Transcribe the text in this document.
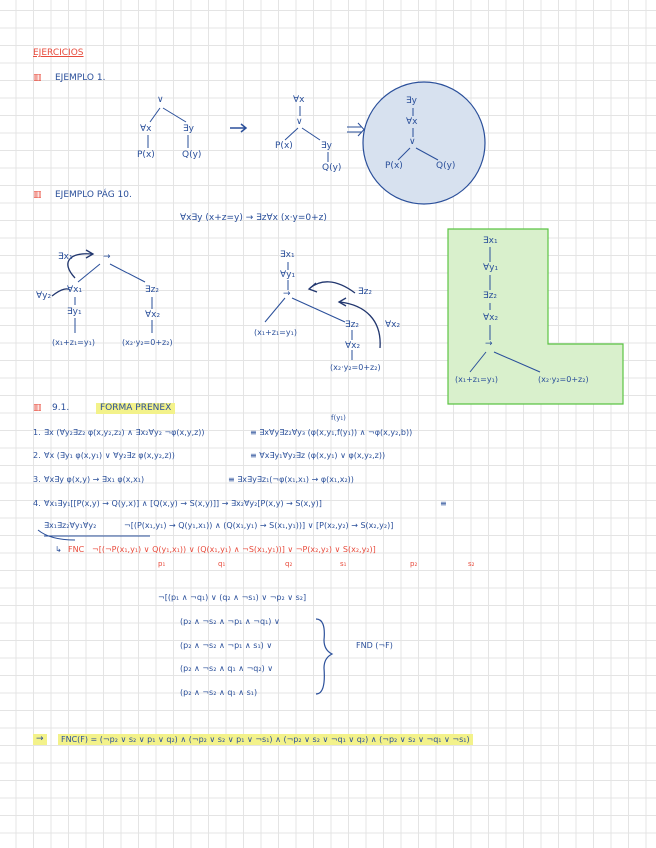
EJERCICIOS
▥ EJEMPLO 1.
∨
∀x	∃y
P(x)	Q(y)
∀x
∨
P(x)	∃y
Q(y)
∃y
∀x
∨
P(x)	Q(y)
▥ EJEMPLO PÁG 10.
∀x∃y (x+z=y) → ∃z∀x (x·y=0+z)
∃x₁	→
∀y₂
∀x₁
∃y₁
∃z₂
∀x₂
(x₁+z₁=y₁)	(x₂·y₂=0+z₂)
∃x₁
∀y₁
→	∃z₂
∀x₂
∃z₂
∀x₂
(x₁+z₁=y₁)
(x₂·y₂=0+z₂)
∃x₁
∀y₁
∃z₂
∀x₂
→
(x₁+z₁=y₁)	(x₂·y₂=0+z₂)
▥ 9.1.	FORMA PRENEX
1. ∃x (∀y₂∃z₂ φ(x,y₂,z₂) ∧ ∃x₂∀y₂ ¬φ(x,y,z))	≡ ∃x∀y∃z₂∀y₃ (φ(x,y₁,f(y₁)) ∧ ¬φ(x,y₂,b))
f(y₁)
2. ∀x (∃y₁ φ(x,y₁) ∨ ∀y₂∃z φ(x,y₂,z))	≡ ∀x∃y₁∀y₂∃z (φ(x,y₁) ∨ φ(x,y₂,z))
3. ∀x∃y φ(x,y) → ∃x₁ φ(x,x₁)	≡ ∃x∃y∃z₁(¬φ(x₁,x₁) → φ(x₁,x₂))
4. ∀x₁∃y₁[[P(x,y) → Q(y,x)] ∧ [Q(x,y) → S(x,y)]] → ∃x₂∀y₂[P(x,y) → S(x,y)]	≡
∃x₁∃z₂∀y₁∀y₂	¬[(P(x₁,y₁) → Q(y₁,x₁)) ∧ (Q(x₁,y₁) → S(x₁,y₁))] ∨ [P(x₂,y₂) → S(x₂,y₂)]
↳ FNC ¬[(¬P(x₁,y₁) ∨ Q(y₁,x₁)) ∨ (Q(x₁,y₁) ∧ ¬S(x₁,y₁))] ∨ ¬P(x₂,y₂) ∨ S(x₂,y₂)]
p₁	q₁	q₂	s₁	p₂	s₂
¬[(p₁ ∧ ¬q₁) ∨ (q₂ ∧ ¬s₁) ∨ ¬p₂ ∨ s₂]
(p₂ ∧ ¬s₂ ∧ ¬p₁ ∧ ¬q₁) ∨
(p₂ ∧ ¬s₂ ∧ ¬p₁ ∧ s₁) ∨
(p₂ ∧ ¬s₂ ∧ q₁ ∧ ¬q₂) ∨
(p₂ ∧ ¬s₂ ∧ q₁ ∧ s₁)
FND (¬F)
→	FNC(F) = (¬p₂ ∨ s₂ ∨ p₁ ∨ q₂) ∧ (¬p₂ ∨ s₂ ∨ p₁ ∨ ¬s₁) ∧ (¬p₂ ∨ s₂ ∨ ¬q₁ ∨ q₂) ∧ (¬p₂ ∨ s₂ ∨ ¬q₁ ∨ ¬s₁)
